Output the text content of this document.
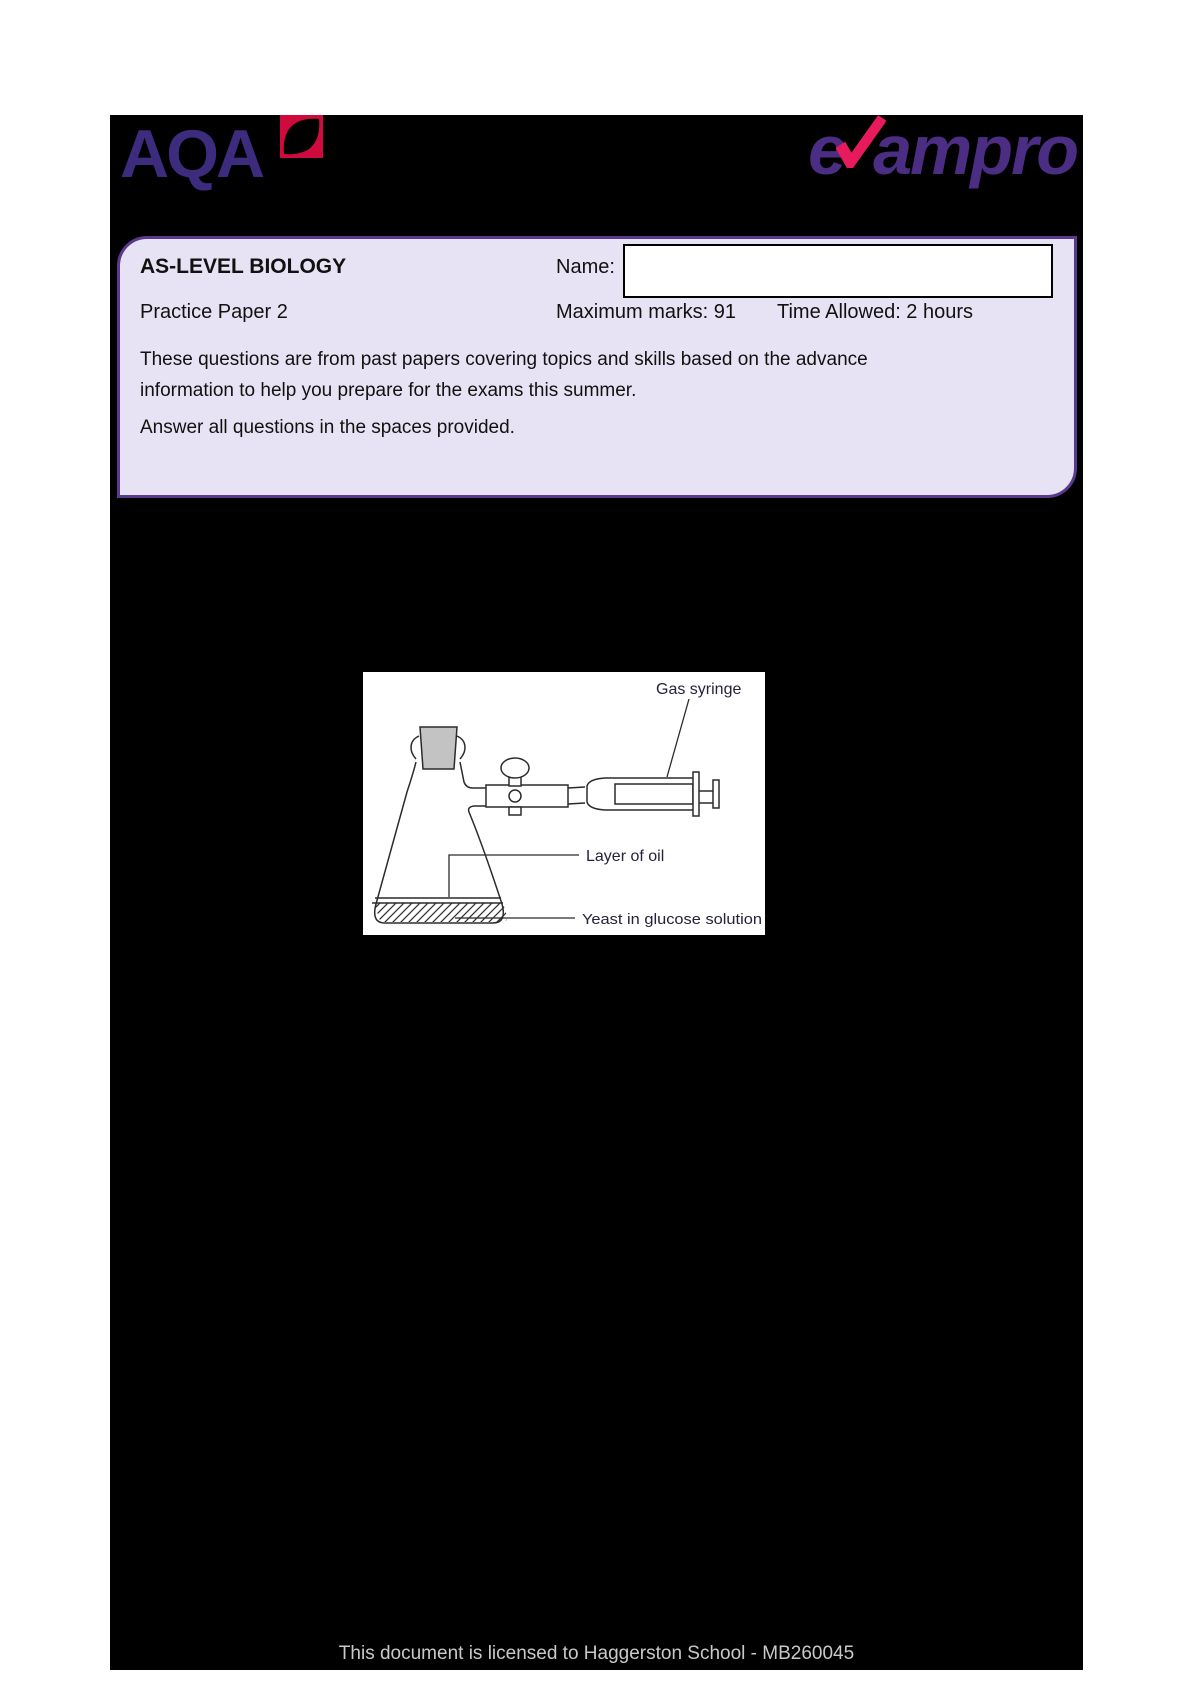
AQA	e ampro
AS-LEVEL BIOLOGY	Name:
Practice Paper 2	Maximum marks: 91 Time Allowed: 2 hours
These questions are from past papers covering topics and skills based on the advance information to help you prepare for the exams this summer.
Answer all questions in the spaces provided.
Gas syringe
Layer of oil
Yeast in glucose solution
This document is licensed to Haggerston School - MB260045
